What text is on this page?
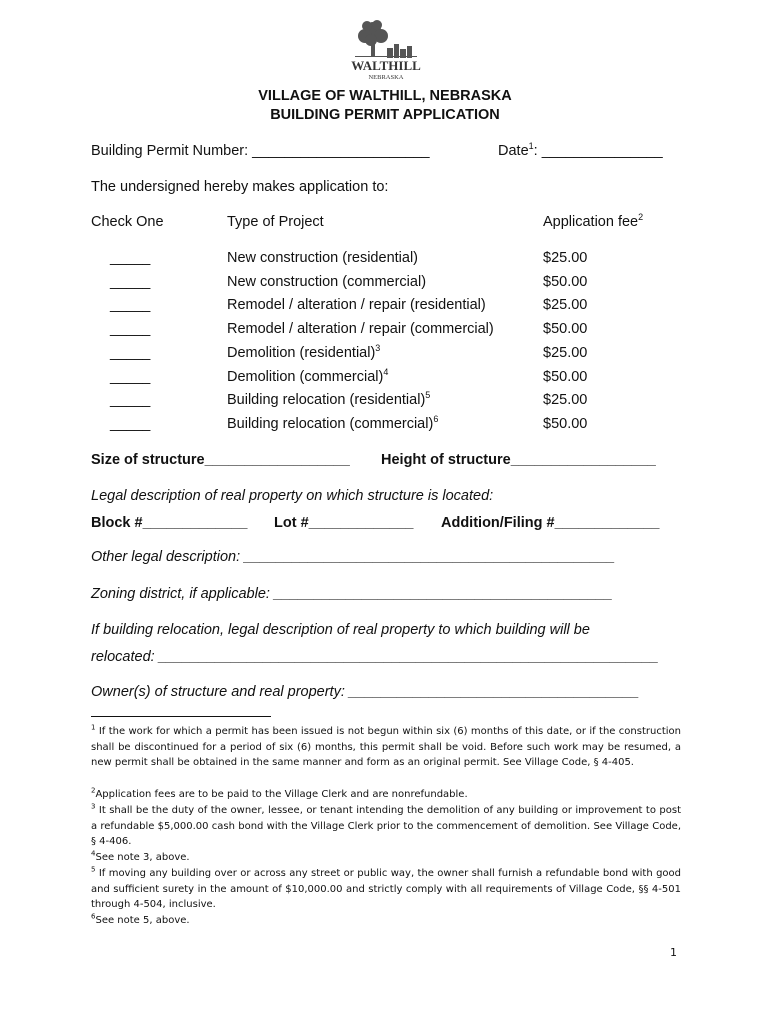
WALTHILL
NEBRASKA
VILLAGE OF WALTHILL, NEBRASKA
BUILDING PERMIT APPLICATION
Building Permit Number: ______________________	Date$^1$: _______________
The undersigned hereby makes application to:
Check One	Type of Project	Application fee$^2$
_____	New construction (residential)	$25.00
_____	New construction (commercial)	$50.00
_____	Remodel / alteration / repair (residential)	$25.00
_____	Remodel / alteration / repair (commercial)	$50.00
_____	Demolition (residential)$^3$	$25.00
_____	Demolition (commercial)$^4$	$50.00
_____	Building relocation (residential)$^5$	$25.00
_____	Building relocation (commercial)$^6$	$50.00
Size of structure__________________ Height of structure__________________
Legal description of real property on which structure is located:
Block #_____________ Lot #_____________ Addition/Filing #_____________
Other legal description: ______________________________________________
Zoning district, if applicable: __________________________________________
If building relocation, legal description of real property to which building will be
relocated: ______________________________________________________________
Owner(s) of structure and real property: ____________________________________
$^1$ If the work for which a permit has been issued is not begun within six (6) months of this date, or if the construction shall be discontinued for a period of six (6) months, this permit shall be void. Before such work may be resumed, a new permit shall be obtained in the same manner and form as an original permit. See Village Code, § 4-405.
$^2$Application fees are to be paid to the Village Clerk and are nonrefundable.
$^3$ It shall be the duty of the owner, lessee, or tenant intending the demolition of any building or improvement to post a refundable $5,000.00 cash bond with the Village Clerk prior to the commencement of demolition. See Village Code, § 4-406.
$^4$See note 3, above.
$^5$ If moving any building over or across any street or public way, the owner shall furnish a refundable bond with good and sufficient surety in the amount of $10,000.00 and strictly comply with all requirements of Village Code, §§ 4-501 through 4-504, inclusive.
$^6$See note 5, above.
1
